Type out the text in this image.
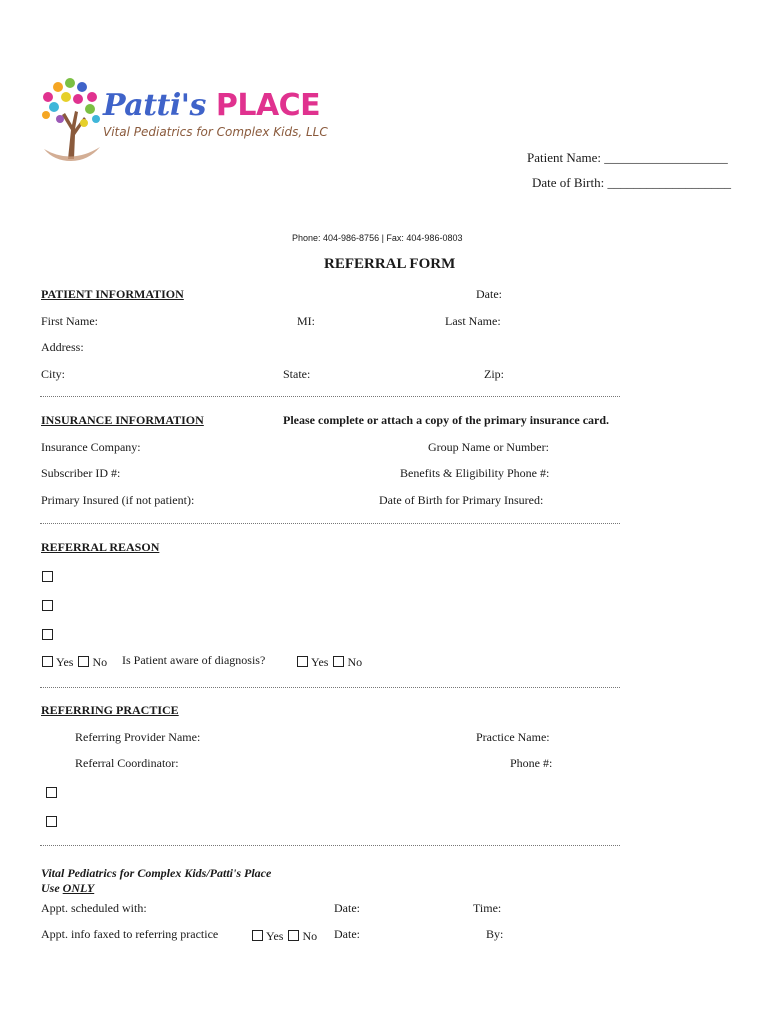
Patti's PLACE
Vital Pediatrics for Complex Kids, LLC
Patient Name: ___________________
Date of Birth: ___________________
Phone: 404-986-8756 | Fax: 404-986-0803
REFERRAL FORM
PATIENT INFORMATION	Date:
First Name:	MI:	Last Name:
Address:
City:	State:	Zip:
INSURANCE INFORMATION	Please complete or attach a copy of the primary insurance card.
Insurance Company:	Group Name or Number:
Subscriber ID #:	Benefits & Eligibility Phone #:
Primary Insured (if not patient):	Date of Birth for Primary Insured:
REFERRAL REASON
Yes No Is Patient aware of diagnosis?	Yes No
REFERRING PRACTICE
Referring Provider Name:	Practice Name:
Referral Coordinator:	Phone #:
Vital Pediatrics for Complex Kids/Patti's Place
Use ONLY
Appt. scheduled with:	Date:	Time:
Appt. info faxed to referring practice	Yes No Date:	By:
